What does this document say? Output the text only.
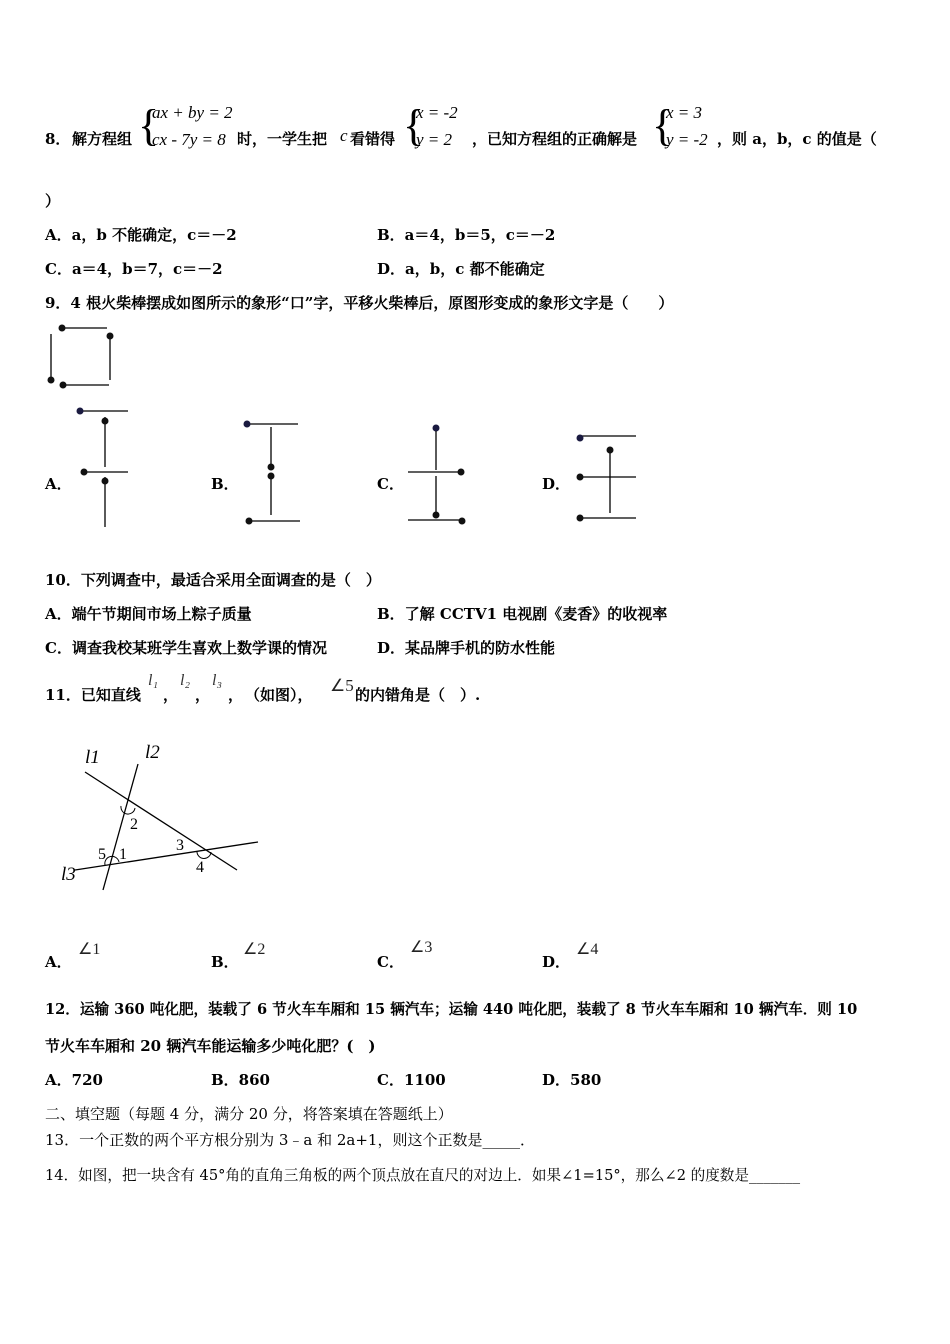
8． 解方程组 {
ax + by = 2
cx - 7y = 8 时，一学生把 c 看错得 {
x = -2
y = 2	，已知方程组的正确解是 {
x = 3
y = -2 ，则 a，b，c 的值是（
）
A．a，b 不能确定，c＝－2	B．a＝4，b＝5，c＝－2
C．a＝4，b＝7，c＝－2	D．a，b，c 都不能确定
9．4 根火柴棒摆成如图所示的象形“口”字，平移火柴棒后，原图形变成的象形文字是（　　）
A．	B．	C．	D．
10．下列调查中，最适合采用全面调查的是（　）
A．端午节期间市场上粽子质量	B．了解 CCTV1 电视剧《麦香》的收视率
C．调查我校某班学生喜欢上数学课的情况	D．某品牌手机的防水性能
11．已知直线
l₁
，
l₂
，
l₃
， （如图）， ∠5 的内错角是（　）.
l1 l2
l3
1
2
3
4
5
A．
∠1
B．
∠2
C．
∠3
D．
∠4
12．运输 360 吨化肥，装载了 6 节火车车厢和 15 辆汽车；运输 440 吨化肥，装载了 8 节火车车厢和 10 辆汽车．则 10
节火车车厢和 20 辆汽车能运输多少吨化肥？(　)
A．720	B．860	C．1100	D．580
二、填空题（每题 4 分，满分 20 分，将答案填在答题纸上）
13．一个正数的两个平方根分别为 3﹣a 和 2a+1，则这个正数是_____．
14．如图，把一块含有 45°角的直角三角板的两个顶点放在直尺的对边上．如果∠1=15°，那么∠2 的度数是_______
